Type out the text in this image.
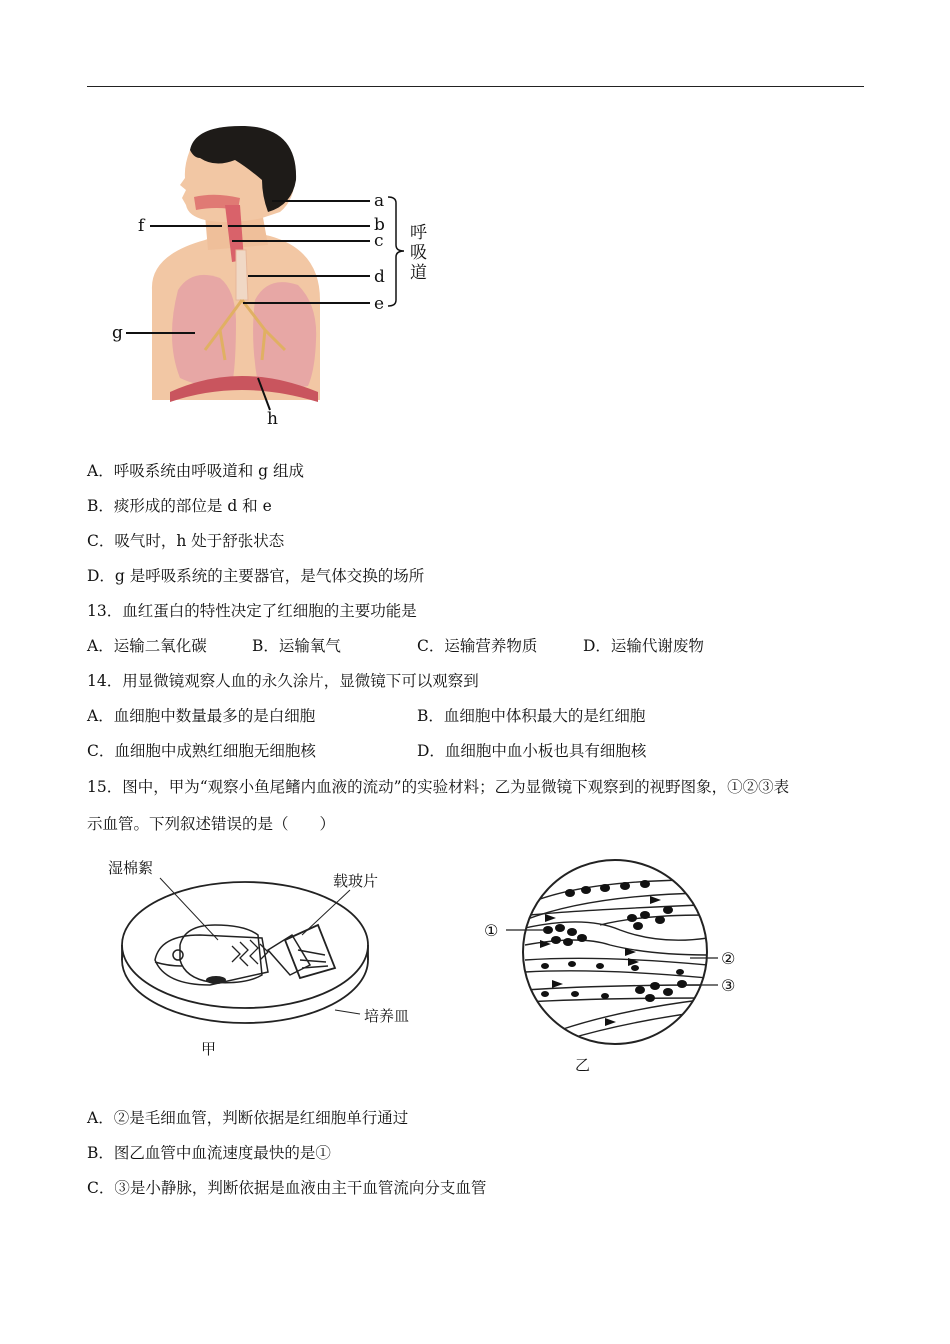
a
b
c
d
e
f
g
h
呼
吸
道
A．呼吸系统由呼吸道和 g 组成
B．痰形成的部位是 d 和 e
C．吸气时，h 处于舒张状态
D．g 是呼吸系统的主要器官，是气体交换的场所
13．血红蛋白的特性决定了红细胞的主要功能是
A．运输二氧化碳	B．运输氧气	C．运输营养物质	D．运输代谢废物
14．用显微镜观察人血的永久涂片，显微镜下可以观察到
A．血细胞中数量最多的是白细胞	B．血细胞中体积最大的是红细胞
C．血细胞中成熟红细胞无细胞核	D．血细胞中血小板也具有细胞核
15．图中，甲为“观察小鱼尾鳍内血液的流动”的实验材料；乙为显微镜下观察到的视野图象，①②③表
示血管。下列叙述错误的是（　　）
湿棉絮
载玻片
培养皿
甲
①
②
③
乙
A．②是毛细血管，判断依据是红细胞单行通过
B．图乙血管中血流速度最快的是①
C．③是小静脉，判断依据是血液由主干血管流向分支血管
